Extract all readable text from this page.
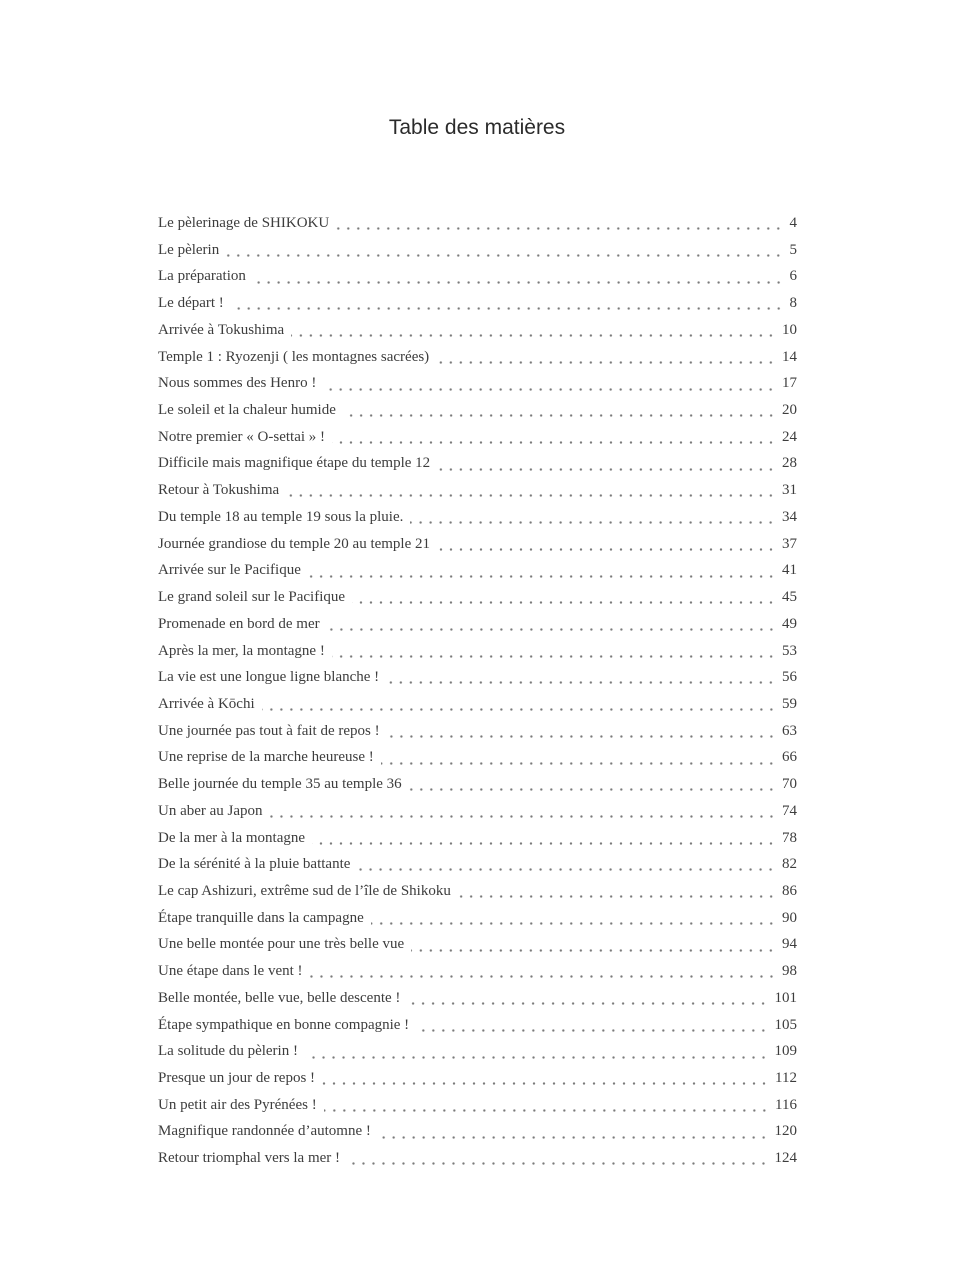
Table des matières
Le pèlerinage de SHIKOKU	4
Le pèlerin	5
La préparation	6
Le départ !	8
Arrivée à Tokushima	10
Temple 1 : Ryozenji ( les montagnes sacrées)	14
Nous sommes des Henro !	17
Le soleil et la chaleur humide	20
Notre premier « O-settai » !	24
Difficile mais magnifique étape du temple 12	28
Retour à Tokushima	31
Du temple 18 au temple 19 sous la pluie.	34
Journée grandiose du temple 20 au temple 21	37
Arrivée sur le Pacifique	41
Le grand soleil sur le Pacifique	45
Promenade en bord de mer	49
Après la mer, la montagne !	53
La vie est une longue ligne blanche !	56
Arrivée à Kōchi	59
Une journée pas tout à fait de repos !	63
Une reprise de la marche heureuse !	66
Belle journée du temple 35 au temple 36	70
Un aber au Japon	74
De la mer à la montagne	78
De la sérénité à la pluie battante	82
Le cap Ashizuri, extrême sud de l’île de Shikoku	86
Étape tranquille dans la campagne	90
Une belle montée pour une très belle vue	94
Une étape dans le vent !	98
Belle montée, belle vue, belle descente !	101
Étape sympathique en bonne compagnie !	105
La solitude du pèlerin !	109
Presque un jour de repos !	112
Un petit air des Pyrénées !	116
Magnifique randonnée d’automne !	120
Retour triomphal vers la mer !	124
